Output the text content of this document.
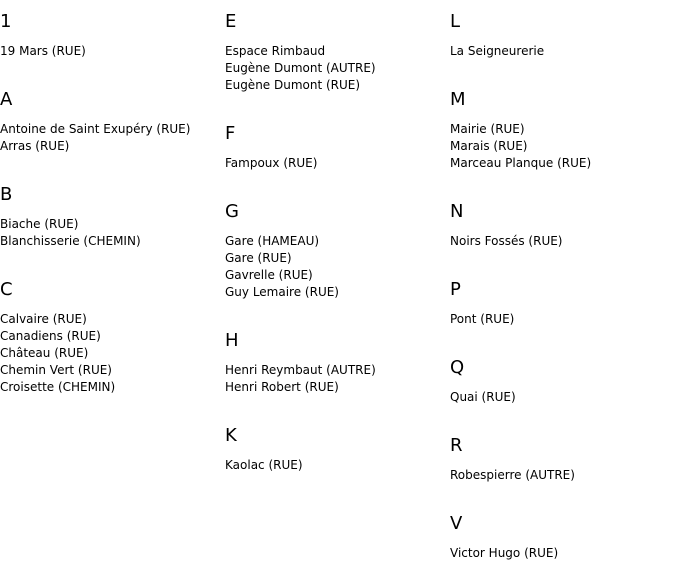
1
19 Mars (RUE)
A
Antoine de Saint Exupéry (RUE)
Arras (RUE)
B
Biache (RUE)
Blanchisserie (CHEMIN)
C
Calvaire (RUE)
Canadiens (RUE)
Château (RUE)
Chemin Vert (RUE)
Croisette (CHEMIN)
E
Espace Rimbaud
Eugène Dumont (AUTRE)
Eugène Dumont (RUE)
F
Fampoux (RUE)
G
Gare (HAMEAU)
Gare (RUE)
Gavrelle (RUE)
Guy Lemaire (RUE)
H
Henri Reymbaut (AUTRE)
Henri Robert (RUE)
K
Kaolac (RUE)
L
La Seigneurerie
M
Mairie (RUE)
Marais (RUE)
Marceau Planque (RUE)
N
Noirs Fossés (RUE)
P
Pont (RUE)
Q
Quai (RUE)
R
Robespierre (AUTRE)
V
Victor Hugo (RUE)
